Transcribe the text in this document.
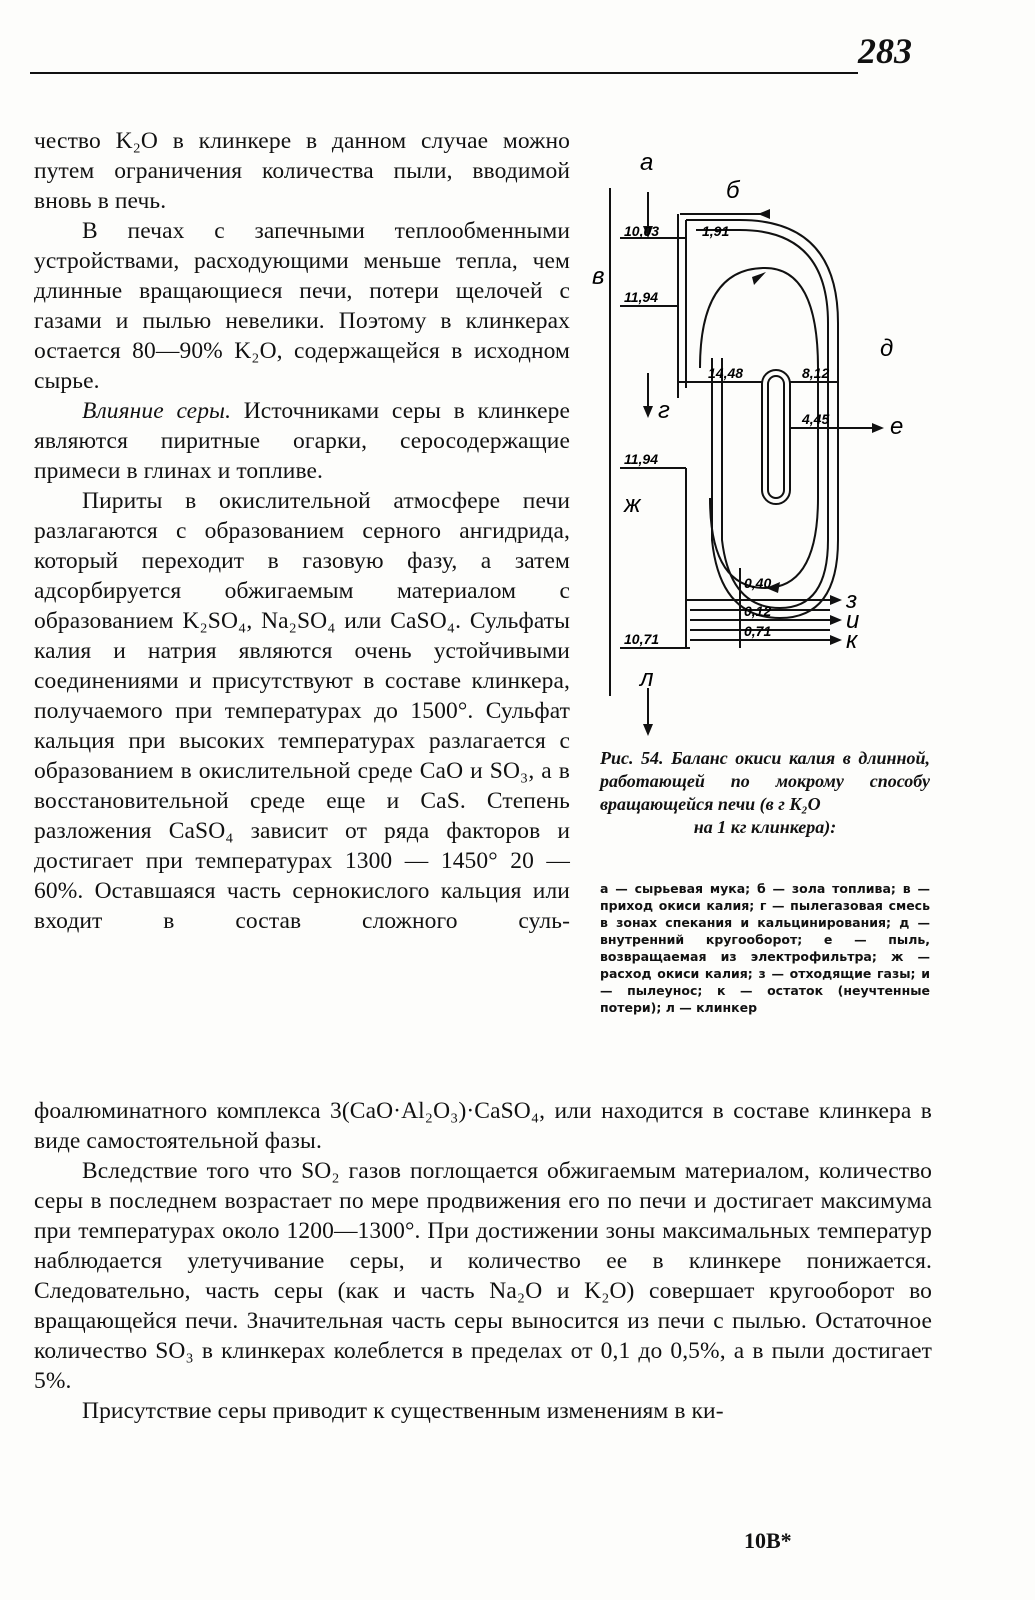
283

чество K₂O в клинкере в данном случае можно путем ограничения количества пыли, вводимой вновь в печь.

В печах с запечными теплообменными устройствами, расходующими меньше тепла, чем длинные вращающиеся печи, потери щелочей с газами и пылью невелики. Поэтому в клинкерах остается 80—90% K₂O, содержащейся в исходном сырье.

Влияние серы. Источниками серы в клинкере являются пиритные огарки, серосодержащие примеси в глинах и топливе.

Пириты в окислительной атмосфере печи разлагаются с образованием серного ангидрида, который переходит в газовую фазу, а затем адсорбируется обжигаемым материалом с образованием K₂SO₄, Na₂SO₄ или CaSO₄. Сульфаты калия и натрия являются очень устойчивыми соединениями и присутствуют в составе клинкера, получаемого при температурах до 1500°. Сульфат кальция при высоких температурах разлагается с образованием в окислительной среде CaO и SO₃, а в восстановительной среде еще и CaS. Степень разложения CaSO₄ зависит от ряда факторов и достигает при температурах 1300 — 1450° 20 — 60%. Оставшаяся часть сернокислого кальция или входит в состав сложного суль-

а
б
в
г
д
е
ж
з
и
к
л
10,03	1,91
11,94
14,48	8,12
4,45
11,94
0,40
0,12
0,71
10,71
Рис. 54. Баланс окиси калия в длинной, работающей по мокрому способу вращающейся печи (в г K₂O
на 1 кг клинкера):
а — сырьевая мука; б — зола топлива; в — приход окиси калия; г — пылегазовая смесь в зонах спекания и кальцинирования; д — внутренний кругооборот; е — пыль, возвращаемая из электрофильтра; ж — расход окиси калия; з — отходящие газы; и — пылеунос; к — остаток (неучтенные потери); л — клинкер

фоалюминатного комплекса 3(CaO·Al₂O₃)·CaSO₄, или находится в составе клинкера в виде самостоятельной фазы.

Вследствие того что SO₂ газов поглощается обжигаемым материалом, количество серы в последнем возрастает по мере продвижения его по печи и достигает максимума при температурах около 1200—1300°. При достижении зоны максимальных температур наблюдается улетучивание серы, и количество ее в клинкере понижается. Следовательно, часть серы (как и часть Na₂O и K₂O) совершает кругооборот во вращающейся печи. Значительная часть серы выносится из печи с пылью. Остаточное количество SO₃ в клинкерах колеблется в пределах от 0,1 до 0,5%, а в пыли достигает 5%.

Присутствие серы приводит к существенным изменениям в ки-

10В*
